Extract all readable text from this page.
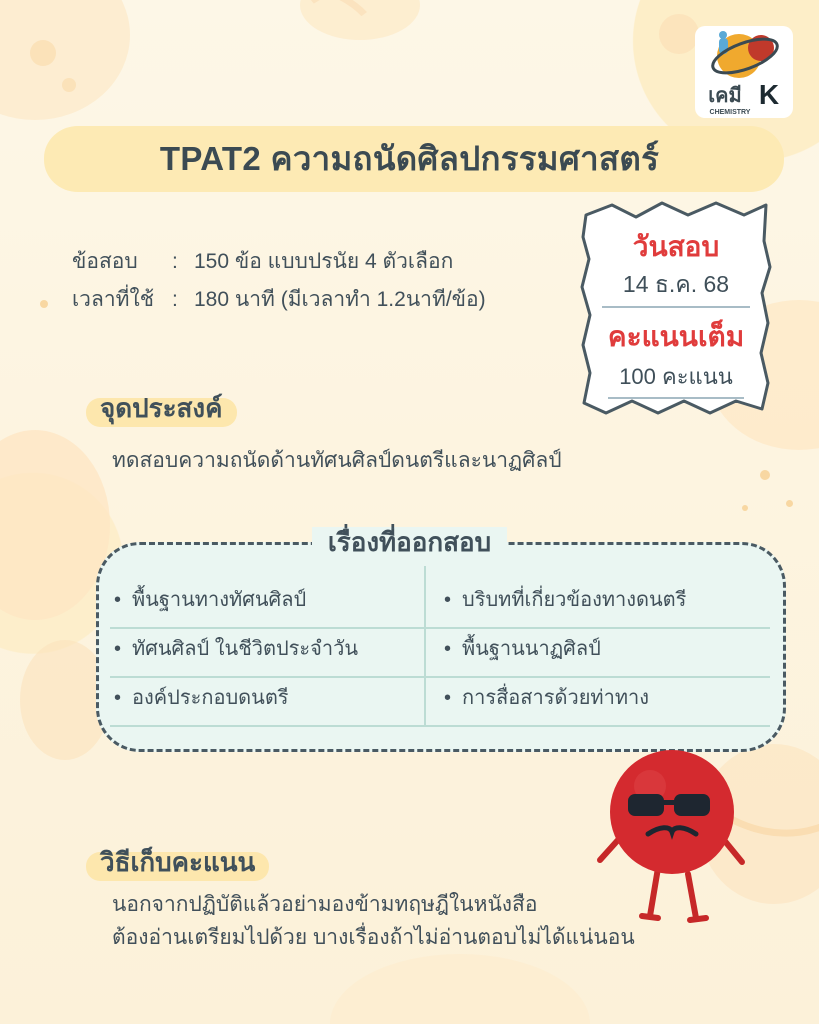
เคมี K
CHEMISTRY
TPAT2 ความถนัดศิลปกรรมศาสตร์
ข้อสอบ	: 150 ข้อ แบบปรนัย 4 ตัวเลือก
เวลาที่ใช้ : 180 นาที (มีเวลาทำ 1.2นาที/ข้อ)
วันสอบ
14 ธ.ค. 68
คะแนนเต็ม
100 คะแนน
จุดประสงค์
ทดสอบความถนัดด้านทัศนศิลป์ดนตรีและนาฏศิลป์
เรื่องที่ออกสอบ
• พื้นฐานทางทัศนศิลป์	• บริบทที่เกี่ยวข้องทางดนตรี
• ทัศนศิลป์ ในชีวิตประจำวัน	• พื้นฐานนาฏศิลป์
• องค์ประกอบดนตรี	• การสื่อสารด้วยท่าทาง
วิธีเก็บคะแนน
นอกจากปฏิบัติแล้วอย่ามองข้ามทฤษฎีในหนังสือ
ต้องอ่านเตรียมไปด้วย บางเรื่องถ้าไม่อ่านตอบไม่ได้แน่นอน
